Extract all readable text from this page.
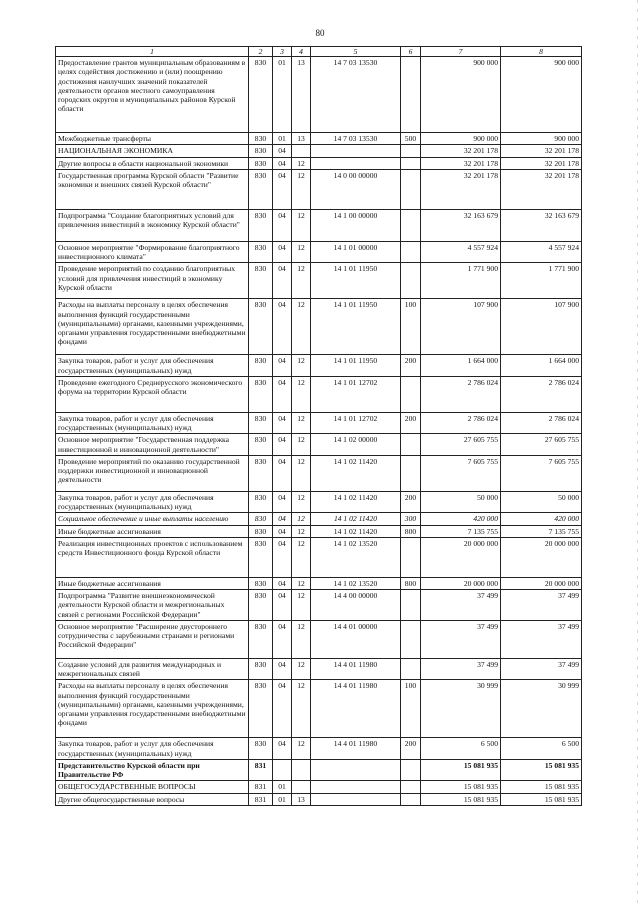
80
1	2	3	4	5	6	7	8
Предоставление грантов муниципальным образованиям в целях содействия достижению и (или) поощрению достижения наилучших значений показателей деятельности органов местного самоуправления городских округов и муниципальных районов Курской области	830	01	13	14 7 03 13530		900 000	900 000
Межбюджетные трансферты	830	01	13	14 7 03 13530	500	900 000	900 000
НАЦИОНАЛЬНАЯ ЭКОНОМИКА	830	04				32 201 178	32 201 178
Другие вопросы в области национальной экономики	830	04	12			32 201 178	32 201 178
Государственная программа Курской области "Развитие экономики и внешних связей Курской области"	830	04	12	14 0 00 00000		32 201 178	32 201 178
Подпрограмма "Создание благоприятных условий для привлечения инвестиций в экономику Курской области"	830	04	12	14 1 00 00000		32 163 679	32 163 679
Основное мероприятие "Формирование благоприятного инвестиционного климата"	830	04	12	14 1 01 00000		4 557 924	4 557 924
Проведение мероприятий по созданию благоприятных условий для привлечения инвестиций в экономику Курской области	830	04	12	14 1 01 11950		1 771 900	1 771 900
Расходы на выплаты персоналу в целях обеспечения выполнения функций государственными (муниципальными) органами, казенными учреждениями, органами управления государственными внебюджетными фондами	830	04	12	14 1 01 11950	100	107 900	107 900
Закупка товаров, работ и услуг для обеспечения государственных (муниципальных) нужд	830	04	12	14 1 01 11950	200	1 664 000	1 664 000
Проведение ежегодного Среднерусского экономического форума на территории Курской области	830	04	12	14 1 01 12702		2 786 024	2 786 024
Закупка товаров, работ и услуг для обеспечения государственных (муниципальных) нужд	830	04	12	14 1 01 12702	200	2 786 024	2 786 024
Основное мероприятие "Государственная поддержка инвестиционной и инновационной деятельности"	830	04	12	14 1 02 00000		27 605 755	27 605 755
Проведение мероприятий по оказанию государственной поддержки инвестиционной и инновационной деятельности	830	04	12	14 1 02 11420		7 605 755	7 605 755
Закупка товаров, работ и услуг для обеспечения государственных (муниципальных) нужд	830	04	12	14 1 02 11420	200	50 000	50 000
Социальное обеспечение и иные выплаты населению	830	04	12	14 1 02 11420	300	420 000	420 000
Иные бюджетные ассигнования	830	04	12	14 1 02 11420	800	7 135 755	7 135 755
Реализация инвестиционных проектов с использованием средств Инвестиционного фонда Курской области	830	04	12	14 1 02 13520		20 000 000	20 000 000
Иные бюджетные ассигнования	830	04	12	14 1 02 13520	800	20 000 000	20 000 000
Подпрограмма "Развитие внешнеэкономической деятельности Курской области и межрегиональных связей с регионами Российской Федерации"	830	04	12	14 4 00 00000		37 499	37 499
Основное мероприятие "Расширение двустороннего сотрудничества с зарубежными странами и регионами Российской Федерации"	830	04	12	14 4 01 00000		37 499	37 499
Создание условий для развития международных и межрегиональных связей	830	04	12	14 4 01 11980		37 499	37 499
Расходы на выплаты персоналу в целях обеспечения выполнения функций государственными (муниципальными) органами, казенными учреждениями, органами управления государственными внебюджетными фондами	830	04	12	14 4 01 11980	100	30 999	30 999
Закупка товаров, работ и услуг для обеспечения государственных (муниципальных) нужд	830	04	12	14 4 01 11980	200	6 500	6 500
Представительство Курской области при Правительстве РФ	831					15 081 935	15 081 935
ОБЩЕГОСУДАРСТВЕННЫЕ ВОПРОСЫ	831	01				15 081 935	15 081 935
Другие общегосударственные вопросы	831	01	13			15 081 935	15 081 935
